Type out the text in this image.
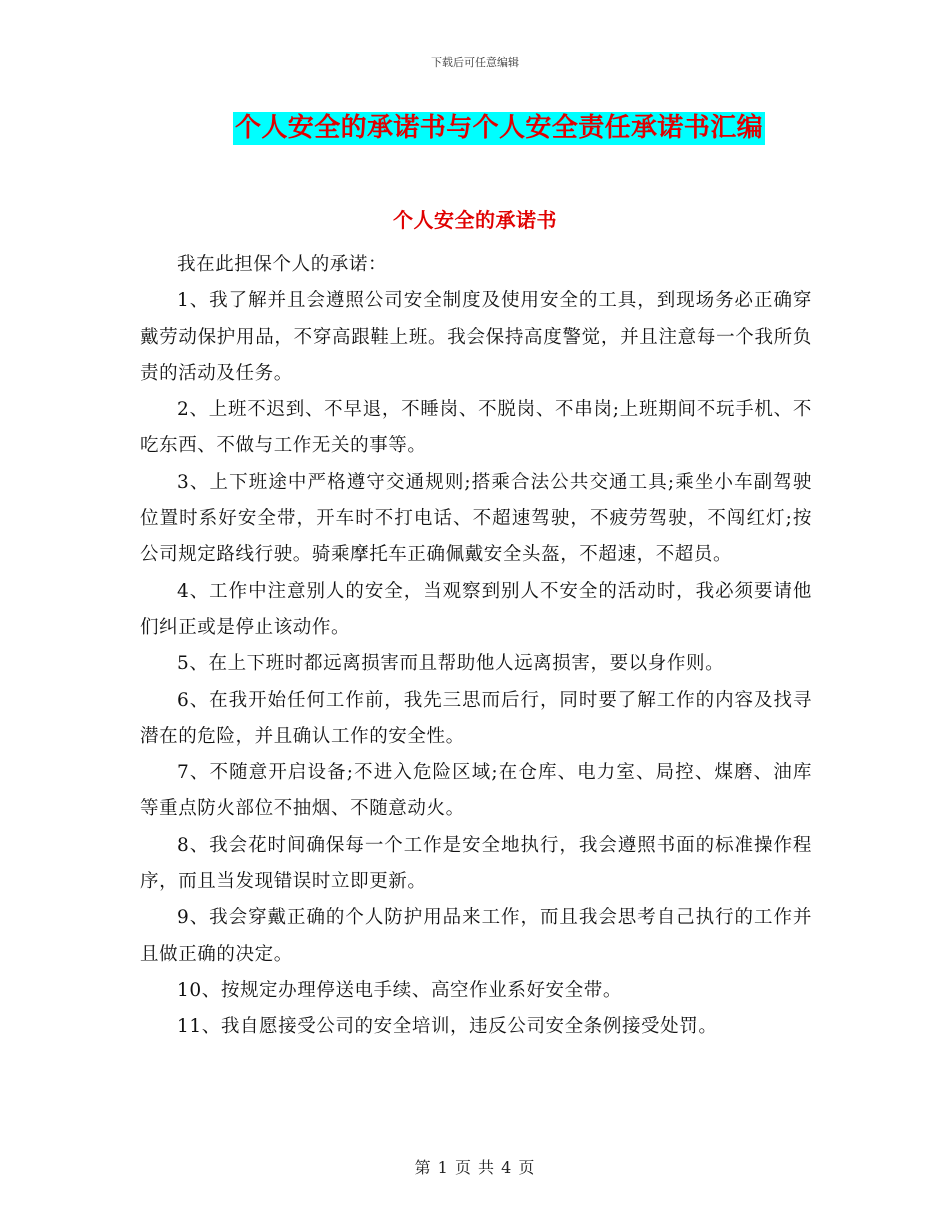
下载后可任意编辑
个人安全的承诺书与个人安全责任承诺书汇编
个人安全的承诺书

我在此担保个人的承诺：

1、我了解并且会遵照公司安全制度及使用安全的工具，到现场务必正确穿戴劳动保护用品，不穿高跟鞋上班。我会保持高度警觉，并且注意每一个我所负责的活动及任务。

2、上班不迟到、不早退，不睡岗、不脱岗、不串岗;上班期间不玩手机、不吃东西、不做与工作无关的事等。

3、上下班途中严格遵守交通规则;搭乘合法公共交通工具;乘坐小车副驾驶位置时系好安全带，开车时不打电话、不超速驾驶，不疲劳驾驶，不闯红灯;按公司规定路线行驶。骑乘摩托车正确佩戴安全头盔，不超速，不超员。

4、工作中注意别人的安全，当观察到别人不安全的活动时，我必须要请他们纠正或是停止该动作。

5、在上下班时都远离损害而且帮助他人远离损害，要以身作则。

6、在我开始任何工作前，我先三思而后行，同时要了解工作的内容及找寻潜在的危险，并且确认工作的安全性。

7、不随意开启设备;不进入危险区域;在仓库、电力室、局控、煤磨、油库等重点防火部位不抽烟、不随意动火。

8、我会花时间确保每一个工作是安全地执行，我会遵照书面的标准操作程序，而且当发现错误时立即更新。

9、我会穿戴正确的个人防护用品来工作，而且我会思考自己执行的工作并且做正确的决定。

10、按规定办理停送电手续、高空作业系好安全带。

11、我自愿接受公司的安全培训，违反公司安全条例接受处罚。

第 1 页 共 4 页
